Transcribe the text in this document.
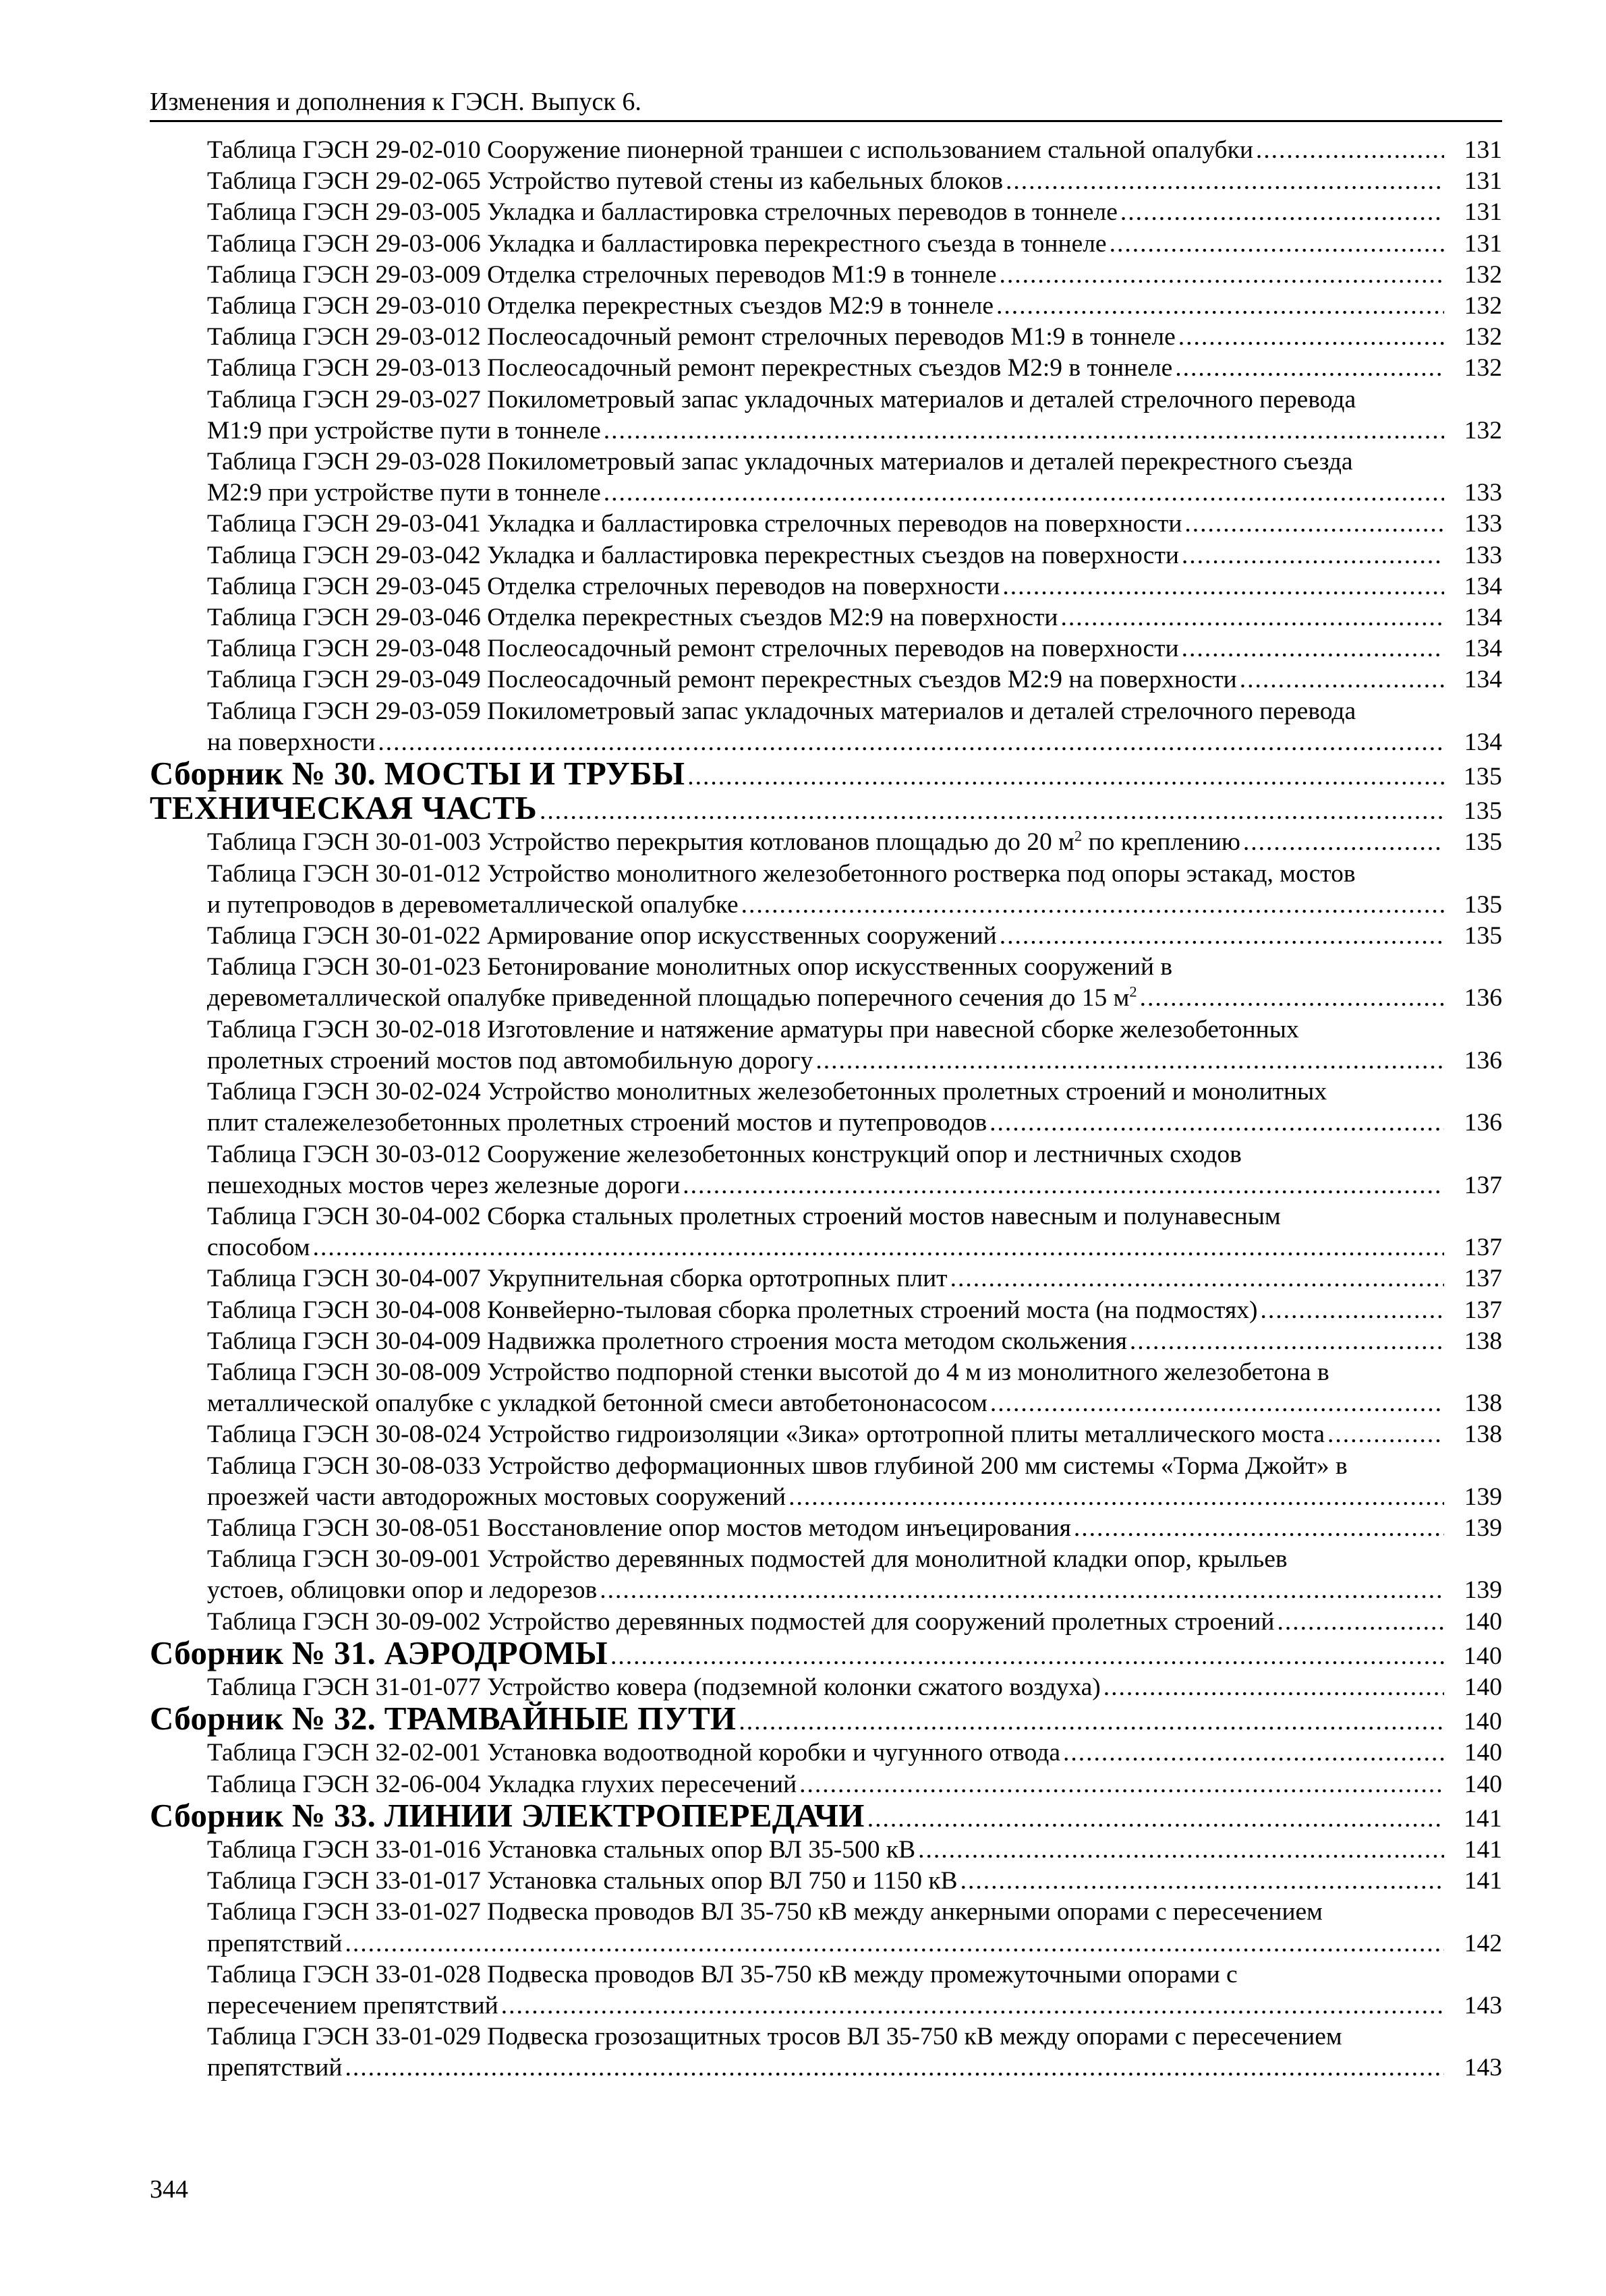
Изменения и дополнения к ГЭСН. Выпуск 6.
Таблица ГЭСН 29-02-010 Сооружение пионерной траншеи с использованием стальной опалубки .....	131
Таблица ГЭСН 29-02-065 Устройство путевой стены из кабельных блоков .....	131
Таблица ГЭСН 29-03-005 Укладка и балластировка стрелочных переводов в тоннеле .....	131
Таблица ГЭСН 29-03-006 Укладка и балластировка перекрестного съезда в тоннеле .....	131
Таблица ГЭСН 29-03-009 Отделка стрелочных переводов М1:9 в тоннеле .....	132
Таблица ГЭСН 29-03-010 Отделка перекрестных съездов М2:9 в тоннеле .....	132
Таблица ГЭСН 29-03-012 Послеосадочный ремонт стрелочных переводов М1:9 в тоннеле .....	132
Таблица ГЭСН 29-03-013 Послеосадочный ремонт перекрестных съездов М2:9 в тоннеле .....	132
Таблица ГЭСН 29-03-027 Покилометровый запас укладочных материалов и деталей стрелочного перевода
М1:9 при устройстве пути в тоннеле .....	132
Таблица ГЭСН 29-03-028 Покилометровый запас укладочных материалов и деталей перекрестного съезда
М2:9 при устройстве пути в тоннеле .....	133
Таблица ГЭСН 29-03-041 Укладка и балластировка стрелочных переводов на поверхности .....	133
Таблица ГЭСН 29-03-042 Укладка и балластировка перекрестных съездов на поверхности .....	133
Таблица ГЭСН 29-03-045 Отделка стрелочных переводов на поверхности .....	134
Таблица ГЭСН 29-03-046 Отделка перекрестных съездов М2:9 на поверхности .....	134
Таблица ГЭСН 29-03-048 Послеосадочный ремонт стрелочных переводов на поверхности .....	134
Таблица ГЭСН 29-03-049 Послеосадочный ремонт перекрестных съездов М2:9 на поверхности .....	134
Таблица ГЭСН 29-03-059 Покилометровый запас укладочных материалов и деталей стрелочного перевода
на поверхности .....	134
Сборник № 30. МОСТЫ И ТРУБЫ .....	135
ТЕХНИЧЕСКАЯ ЧАСТЬ .....	135
Таблица ГЭСН 30-01-003 Устройство перекрытия котлованов площадью до 20 $м^2$ по креплению .....	135
Таблица ГЭСН 30-01-012 Устройство монолитного железобетонного ростверка под опоры эстакад, мостов
и путепроводов в деревометаллической опалубке .....	135
Таблица ГЭСН 30-01-022 Армирование опор искусственных сооружений .....	135
Таблица ГЭСН 30-01-023 Бетонирование монолитных опор искусственных сооружений в
деревометаллической опалубке приведенной площадью поперечного сечения до 15 $м^2$ .....	136
Таблица ГЭСН 30-02-018 Изготовление и натяжение арматуры при навесной сборке железобетонных
пролетных строений мостов под автомобильную дорогу .....	136
Таблица ГЭСН 30-02-024 Устройство монолитных железобетонных пролетных строений и монолитных
плит сталежелезобетонных пролетных строений мостов и путепроводов .....	136
Таблица ГЭСН 30-03-012 Сооружение железобетонных конструкций опор и лестничных сходов
пешеходных мостов через железные дороги .....	137
Таблица ГЭСН 30-04-002 Сборка стальных пролетных строений мостов навесным и полунавесным
способом .....	137
Таблица ГЭСН 30-04-007 Укрупнительная сборка ортотропных плит .....	137
Таблица ГЭСН 30-04-008 Конвейерно-тыловая сборка пролетных строений моста (на подмостях) .....	137
Таблица ГЭСН 30-04-009 Надвижка пролетного строения моста методом скольжения .....	138
Таблица ГЭСН 30-08-009 Устройство подпорной стенки высотой до 4 м из монолитного железобетона в
металлической опалубке с укладкой бетонной смеси автобетононасосом .....	138
Таблица ГЭСН 30-08-024 Устройство гидроизоляции «Зика» ортотропной плиты металлического моста .....	138
Таблица ГЭСН 30-08-033 Устройство деформационных швов глубиной 200 мм системы «Торма Джойт» в
проезжей части автодорожных мостовых сооружений .....	139
Таблица ГЭСН 30-08-051 Восстановление опор мостов методом инъецирования .....	139
Таблица ГЭСН 30-09-001 Устройство деревянных подмостей для монолитной кладки опор, крыльев
устоев, облицовки опор и ледорезов .....	139
Таблица ГЭСН 30-09-002 Устройство деревянных подмостей для сооружений пролетных строений .....	140
Сборник № 31. АЭРОДРОМЫ .....	140
Таблица ГЭСН 31-01-077 Устройство ковера (подземной колонки сжатого воздуха) .....	140
Сборник № 32. ТРАМВАЙНЫЕ ПУТИ .....	140
Таблица ГЭСН 32-02-001 Установка водоотводной коробки и чугунного отвода .....	140
Таблица ГЭСН 32-06-004 Укладка глухих пересечений .....	140
Сборник № 33. ЛИНИИ ЭЛЕКТРОПЕРЕДАЧИ .....	141
Таблица ГЭСН 33-01-016 Установка стальных опор ВЛ 35-500 кВ .....	141
Таблица ГЭСН 33-01-017 Установка стальных опор ВЛ 750 и 1150 кВ .....	141
Таблица ГЭСН 33-01-027 Подвеска проводов ВЛ 35-750 кВ между анкерными опорами с пересечением
препятствий .....	142
Таблица ГЭСН 33-01-028 Подвеска проводов ВЛ 35-750 кВ между промежуточными опорами с
пересечением препятствий .....	143
Таблица ГЭСН 33-01-029 Подвеска грозозащитных тросов ВЛ 35-750 кВ между опорами с пересечением
препятствий .....	143
344
